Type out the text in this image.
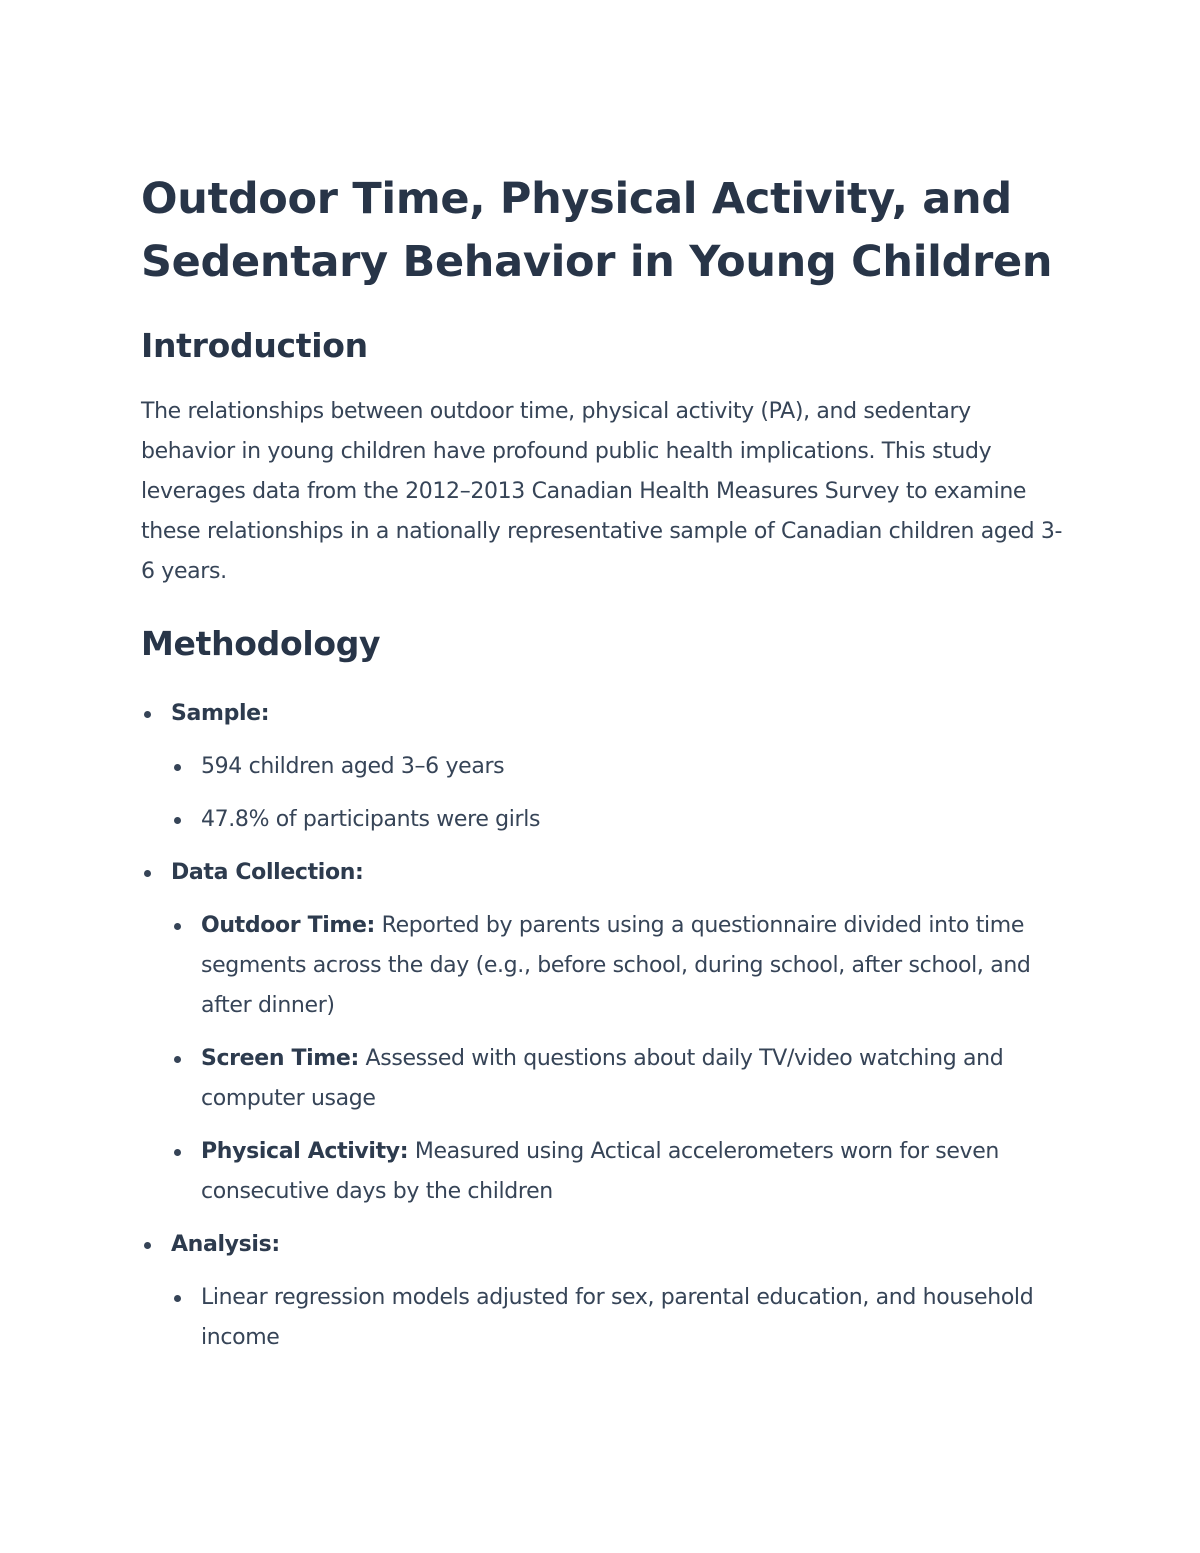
Outdoor Time, Physical Activity, and
Sedentary Behavior in Young Children
Introduction

The relationships between outdoor time, physical activity (PA), and sedentary behavior in young children have profound public health implications. This study leverages data from the 2012–2013 Canadian Health Measures Survey to examine these relationships in a nationally representative sample of Canadian children aged 3-6 years.

Methodology
Sample:
594 children aged 3–6 years
47.8% of participants were girls
Data Collection:
Outdoor Time: Reported by parents using a questionnaire divided into time segments across the day (e.g., before school, during school, after school, and after dinner)
Screen Time: Assessed with questions about daily TV/video watching and computer usage
Physical Activity: Measured using Actical accelerometers worn for seven consecutive days by the children
Analysis:
Linear regression models adjusted for sex, parental education, and household income
